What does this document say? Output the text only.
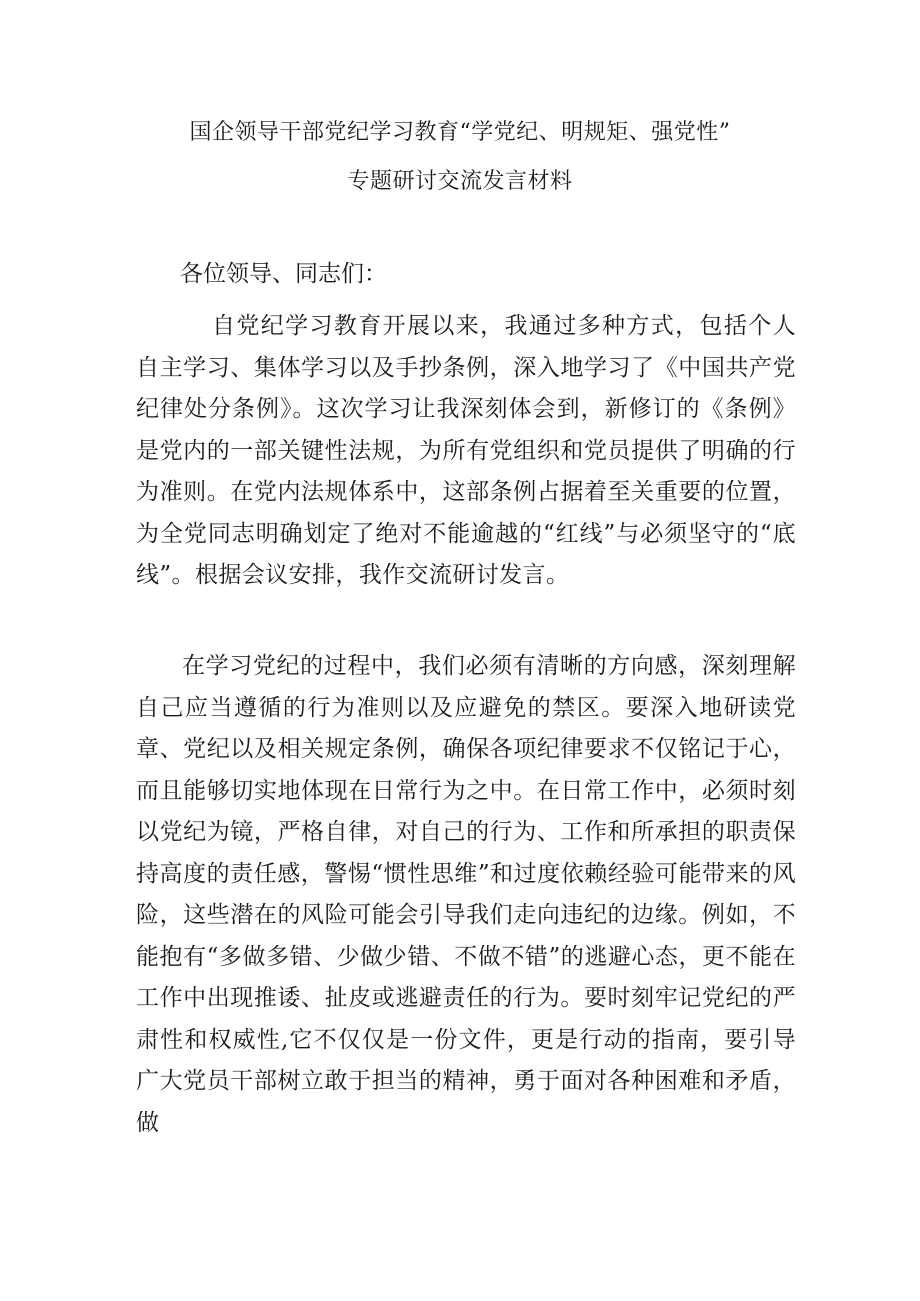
国企领导干部党纪学习教育“学党纪、明规矩、强党性”
专题研讨交流发言材料
各位领导、同志们：

自党纪学习教育开展以来，我通过多种方式，包括个人自主学习、集体学习以及手抄条例，深入地学习了《中国共产党纪律处分条例》。这次学习让我深刻体会到，新修订的《条例》是党内的一部关键性法规，为所有党组织和党员提供了明确的行为准则。在党内法规体系中，这部条例占据着至关重要的位置，为全党同志明确划定了绝对不能逾越的“红线”与必须坚守的“底线”。根据会议安排，我作交流研讨发言。

在学习党纪的过程中，我们必须有清晰的方向感，深刻理解自己应当遵循的行为准则以及应避免的禁区。要深入地研读党章、党纪以及相关规定条例，确保各项纪律要求不仅铭记于心，而且能够切实地体现在日常行为之中。在日常工作中，必须时刻以党纪为镜，严格自律，对自己的行为、工作和所承担的职责保持高度的责任感，警惕“惯性思维”和过度依赖经验可能带来的风险，这些潜在的风险可能会引导我们走向违纪的边缘。例如，不能抱有“多做多错、少做少错、不做不错”的逃避心态，更不能在工作中出现推诿、扯皮或逃避责任的行为。要时刻牢记党纪的严肃性和权威性,它不仅仅是一份文件，更是行动的指南，要引导广大党员干部树立敢于担当的精神，勇于面对各种困难和矛盾，做
